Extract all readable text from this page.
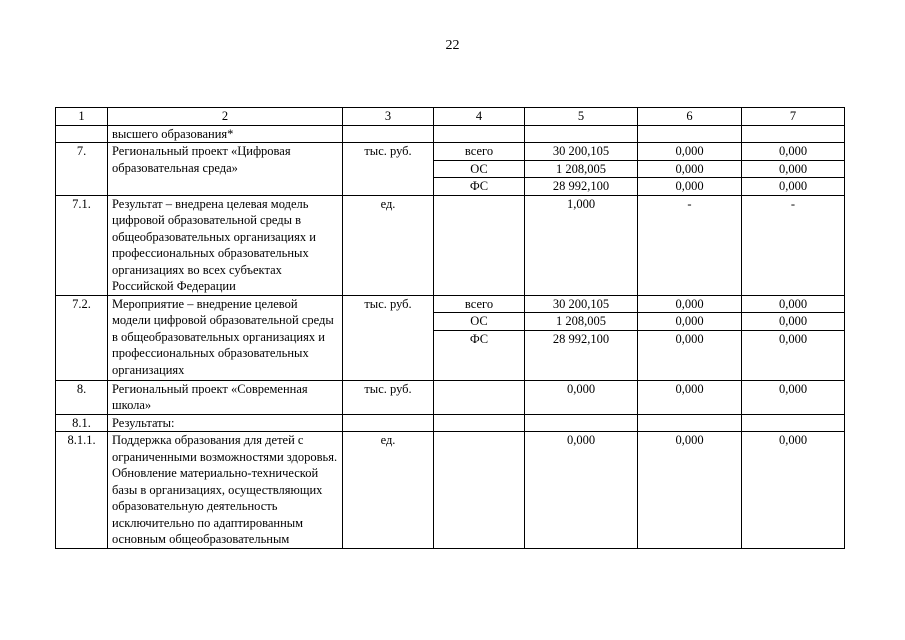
22
1	2	3	4	5	6	7
	высшего образования*					
7.	Региональный проект «Цифровая образовательная среда»	тыс. руб.	всего	30 200,105	0,000	0,000
			ОС	1 208,005	0,000	0,000
			ФС	28 992,100	0,000	0,000
7.1.	Результат – внедрена целевая модель цифровой образовательной среды в общеобразовательных организациях и профессиональных образовательных организациях во всех субъектах Российской Федерации	ед.		1,000	-	-
7.2.	Мероприятие – внедрение целевой модели цифровой образовательной среды в общеобразовательных организациях и профессиональных образовательных организациях	тыс. руб.	всего	30 200,105	0,000	0,000
			ОС	1 208,005	0,000	0,000
			ФС	28 992,100	0,000	0,000
8.	Региональный проект «Современная школа»	тыс. руб.		0,000	0,000	0,000
8.1.	Результаты:					
8.1.1.	Поддержка образования для детей с ограниченными возможностями здоровья. Обновление материально-технической базы в организациях, осуществляющих образовательную деятельность исключительно по адаптированным основным общеобразовательным	ед.		0,000	0,000	0,000
